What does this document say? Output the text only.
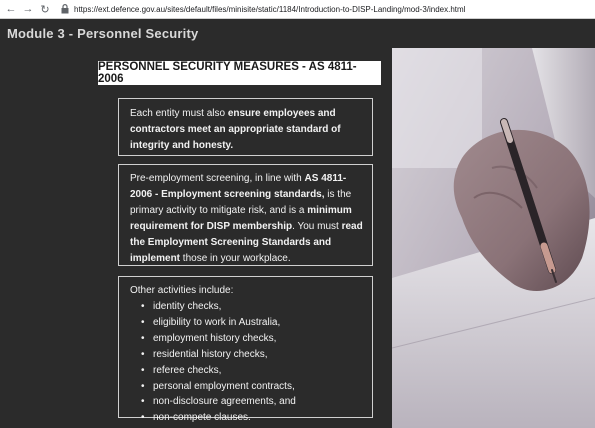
← → ↻	https://ext.defence.gov.au/sites/default/files/minisite/static/1184/Introduction-to-DISP-Landing/mod-3/index.html
Module 3 - Personnel Security
PERSONNEL SECURITY MEASURES - AS 4811-2006
Each entity must also ensure employees and contractors meet an appropriate standard of integrity and honesty.
Pre-employment screening, in line with AS 4811-2006 - Employment screening standards, is the primary activity to mitigate risk, and is a minimum requirement for DISP membership. You must read the Employment Screening Standards and implement those in your workplace.
Other activities include:
• identity checks,
• eligibility to work in Australia,
• employment history checks,
• residential history checks,
• referee checks,
• personal employment contracts,
• non-disclosure agreements, and
• non-compete clauses.
